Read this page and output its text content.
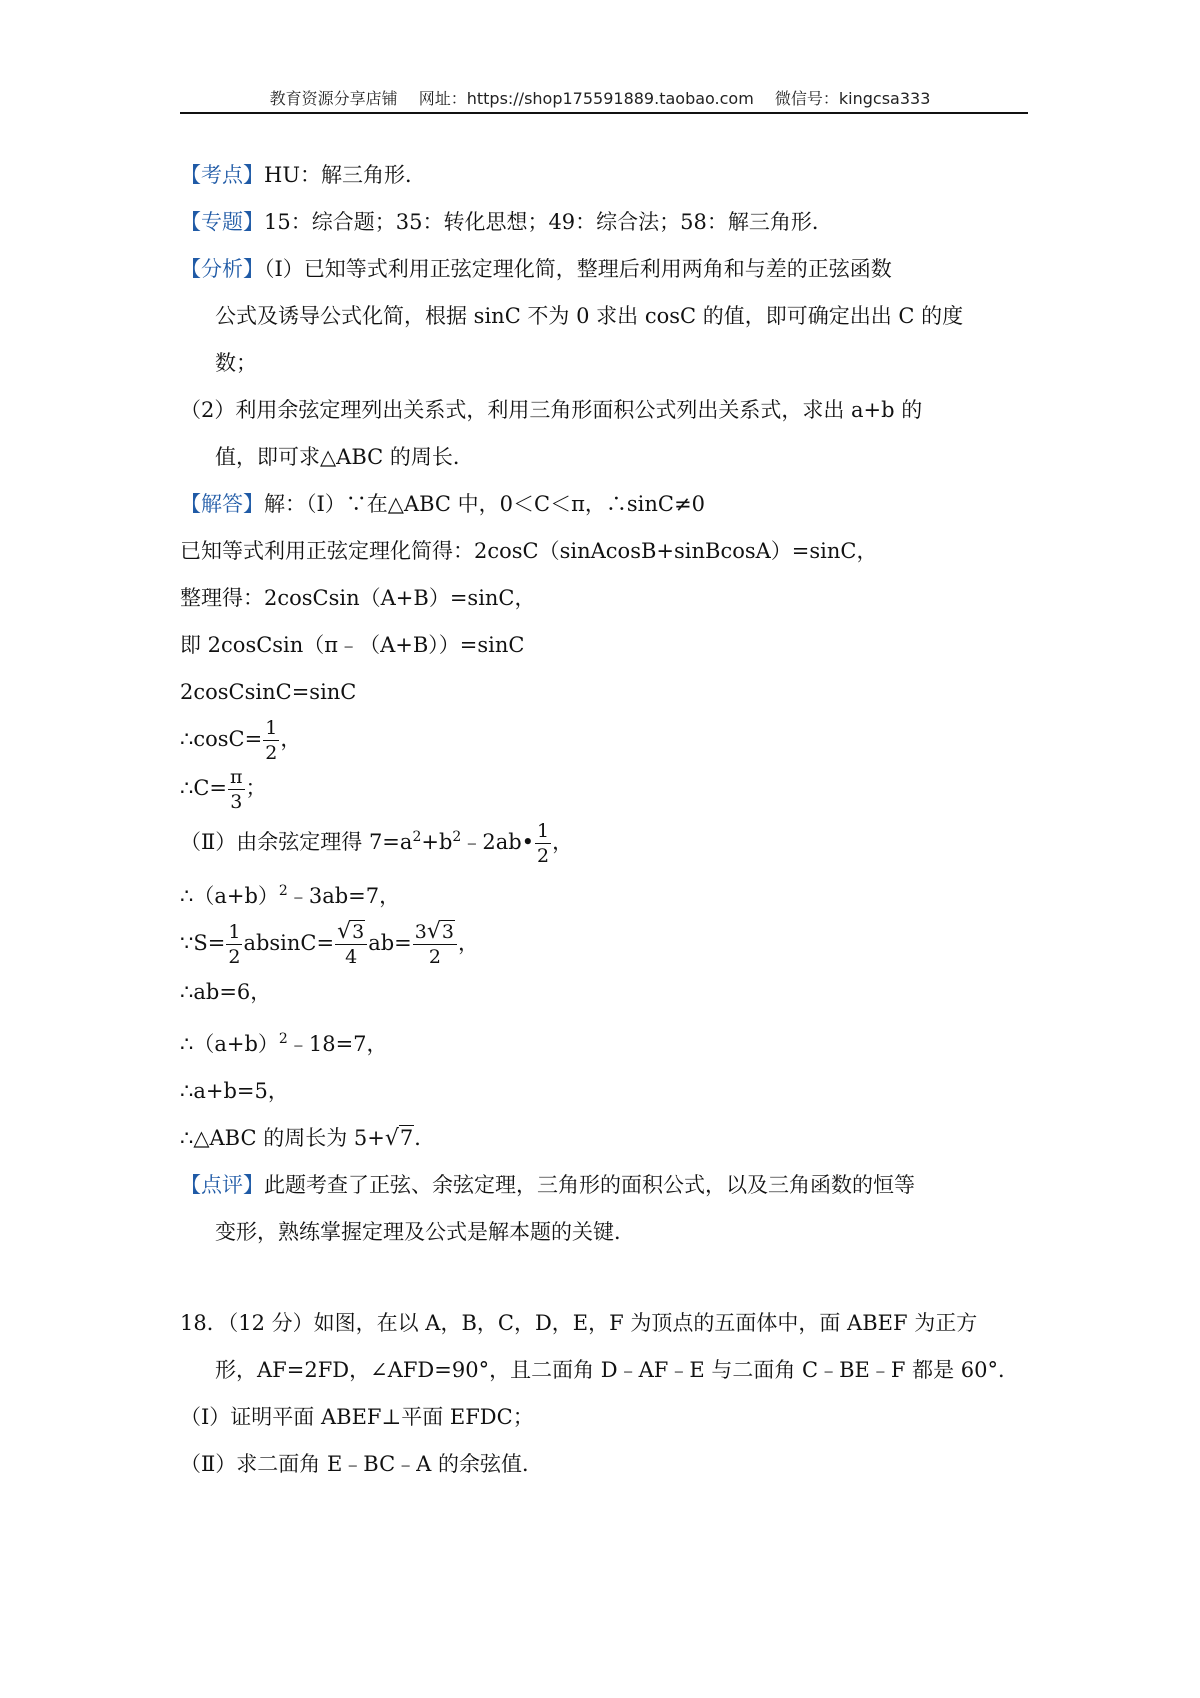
教育资源分享店铺 网址：https://shop175591889.taobao.com 微信号：kingcsa333

【考点】HU：解三角形．

【专题】15：综合题；35：转化思想；49：综合法；58：解三角形．

【分析】（Ⅰ）已知等式利用正弦定理化简，整理后利用两角和与差的正弦函数

公式及诱导公式化简，根据 sinC 不为 0 求出 cosC 的值，即可确定出出 C 的度

数；

（2）利用余弦定理列出关系式，利用三角形面积公式列出关系式，求出 a+b 的

值，即可求△ABC 的周长．

【解答】解：（Ⅰ）∵在△ABC 中，0＜C＜π，∴sinC≠0

已知等式利用正弦定理化简得：2cosC（sinAcosB+sinBcosA）=sinC，

整理得：2cosCsin（A+B）=sinC，

即 2cosCsin（π﹣（A+B））=sinC

2cosCsinC=sinC

∴cosC= $\frac{1}{2}$ ，

∴C= $\frac{\pi}{3}$ ；

（Ⅱ）由余弦定理得 $7=a^2+b^2﹣2ab• \frac{1}{2}$ ，

$\therefore(a+b)^2﹣3ab=7$，

∵S= $\frac{1}{2} absinC= \frac{√3}{4} ab= \frac{3√3}{2}$ ，

∴ab=6，

$\therefore(a+b)^2﹣18=7$，

∴a+b=5，

∴△ABC 的周长为 5+√7．

【点评】此题考查了正弦、余弦定理，三角形的面积公式，以及三角函数的恒等

变形，熟练掌握定理及公式是解本题的关键．

18．（12 分）如图，在以 A，B，C，D，E，F 为顶点的五面体中，面 ABEF 为正方

形，AF=2FD，∠AFD=90°，且二面角 D﹣AF﹣E 与二面角 C﹣BE﹣F 都是 60°．

（Ⅰ）证明平面 ABEF⊥平面 EFDC；

（Ⅱ）求二面角 E﹣BC﹣A 的余弦值．
